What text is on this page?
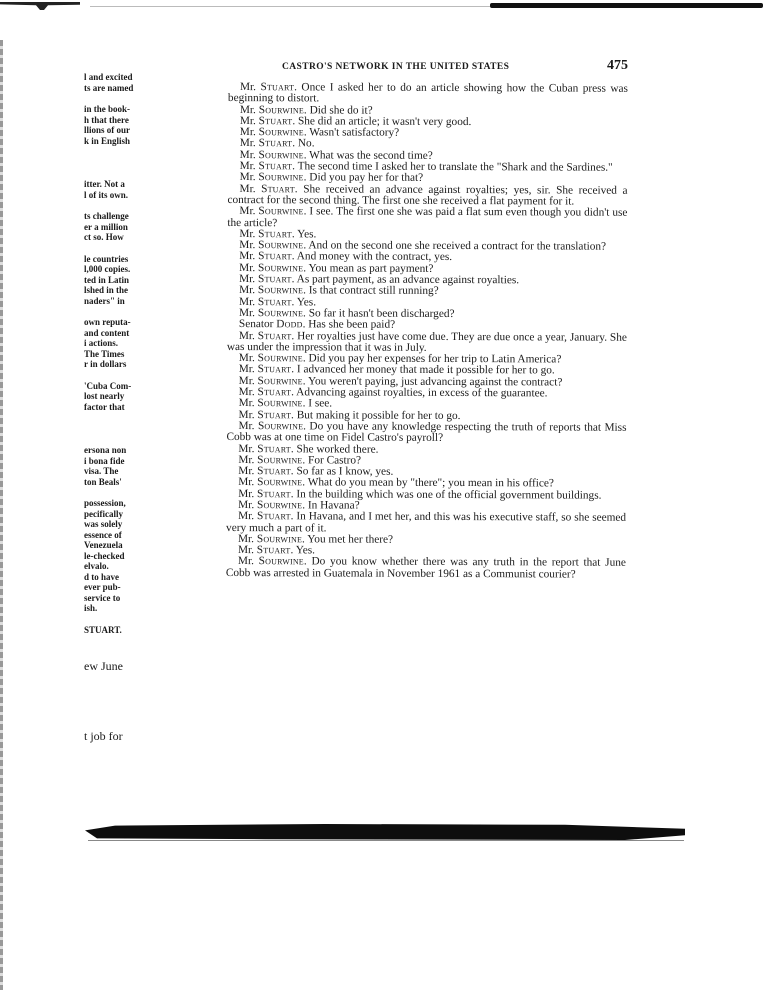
l and excited
ts are named
in the book-
h that there
llions of our
k in English
itter. Not a
l of its own.
ts challenge
er a million
ct so. How
le countries
l,000 copies.
ted in Latin
lshed in the
naders" in
own reputa-
and content
i actions.
The Times
r in dollars
'Cuba Com-
lost nearly
factor that
ersona non
i bona fide
visa. The
ton Beals'
possession,
pecifically
was solely
essence of
Venezuela
le-checked
elvalo.
d to have
ever pub-
service to
ish.
STUART.
ew June
t job for
CASTRO'S NETWORK IN THE UNITED STATES	475

Mr. Stuart. Once I asked her to do an article showing how the Cuban press was beginning to distort.

Mr. Sourwine. Did she do it?

Mr. Stuart. She did an article; it wasn't very good.

Mr. Sourwine. Wasn't satisfactory?

Mr. Stuart. No.

Mr. Sourwine. What was the second time?

Mr. Stuart. The second time I asked her to translate the "Shark and the Sardines."

Mr. Sourwine. Did you pay her for that?

Mr. Stuart. She received an advance against royalties; yes, sir. She received a contract for the second thing. The first one she received a flat payment for it.

Mr. Sourwine. I see. The first one she was paid a flat sum even though you didn't use the article?

Mr. Stuart. Yes.

Mr. Sourwine. And on the second one she received a contract for the translation?

Mr. Stuart. And money with the contract, yes.

Mr. Sourwine. You mean as part payment?

Mr. Stuart. As part payment, as an advance against royalties.

Mr. Sourwine. Is that contract still running?

Mr. Stuart. Yes.

Mr. Sourwine. So far it hasn't been discharged?

Senator Dodd. Has she been paid?

Mr. Stuart. Her royalties just have come due. They are due once a year, January. She was under the impression that it was in July.

Mr. Sourwine. Did you pay her expenses for her trip to Latin America?

Mr. Stuart. I advanced her money that made it possible for her to go.

Mr. Sourwine. You weren't paying, just advancing against the contract?

Mr. Stuart. Advancing against royalties, in excess of the guarantee.

Mr. Sourwine. I see.

Mr. Stuart. But making it possible for her to go.

Mr. Sourwine. Do you have any knowledge respecting the truth of reports that Miss Cobb was at one time on Fidel Castro's payroll?

Mr. Stuart. She worked there.

Mr. Sourwine. For Castro?

Mr. Stuart. So far as I know, yes.

Mr. Sourwine. What do you mean by "there"; you mean in his office?

Mr. Stuart. In the building which was one of the official government buildings.

Mr. Sourwine. In Havana?

Mr. Stuart. In Havana, and I met her, and this was his executive staff, so she seemed very much a part of it.

Mr. Sourwine. You met her there?

Mr. Stuart. Yes.

Mr. Sourwine. Do you know whether there was any truth in the report that June Cobb was arrested in Guatemala in November 1961 as a Communist courier?
